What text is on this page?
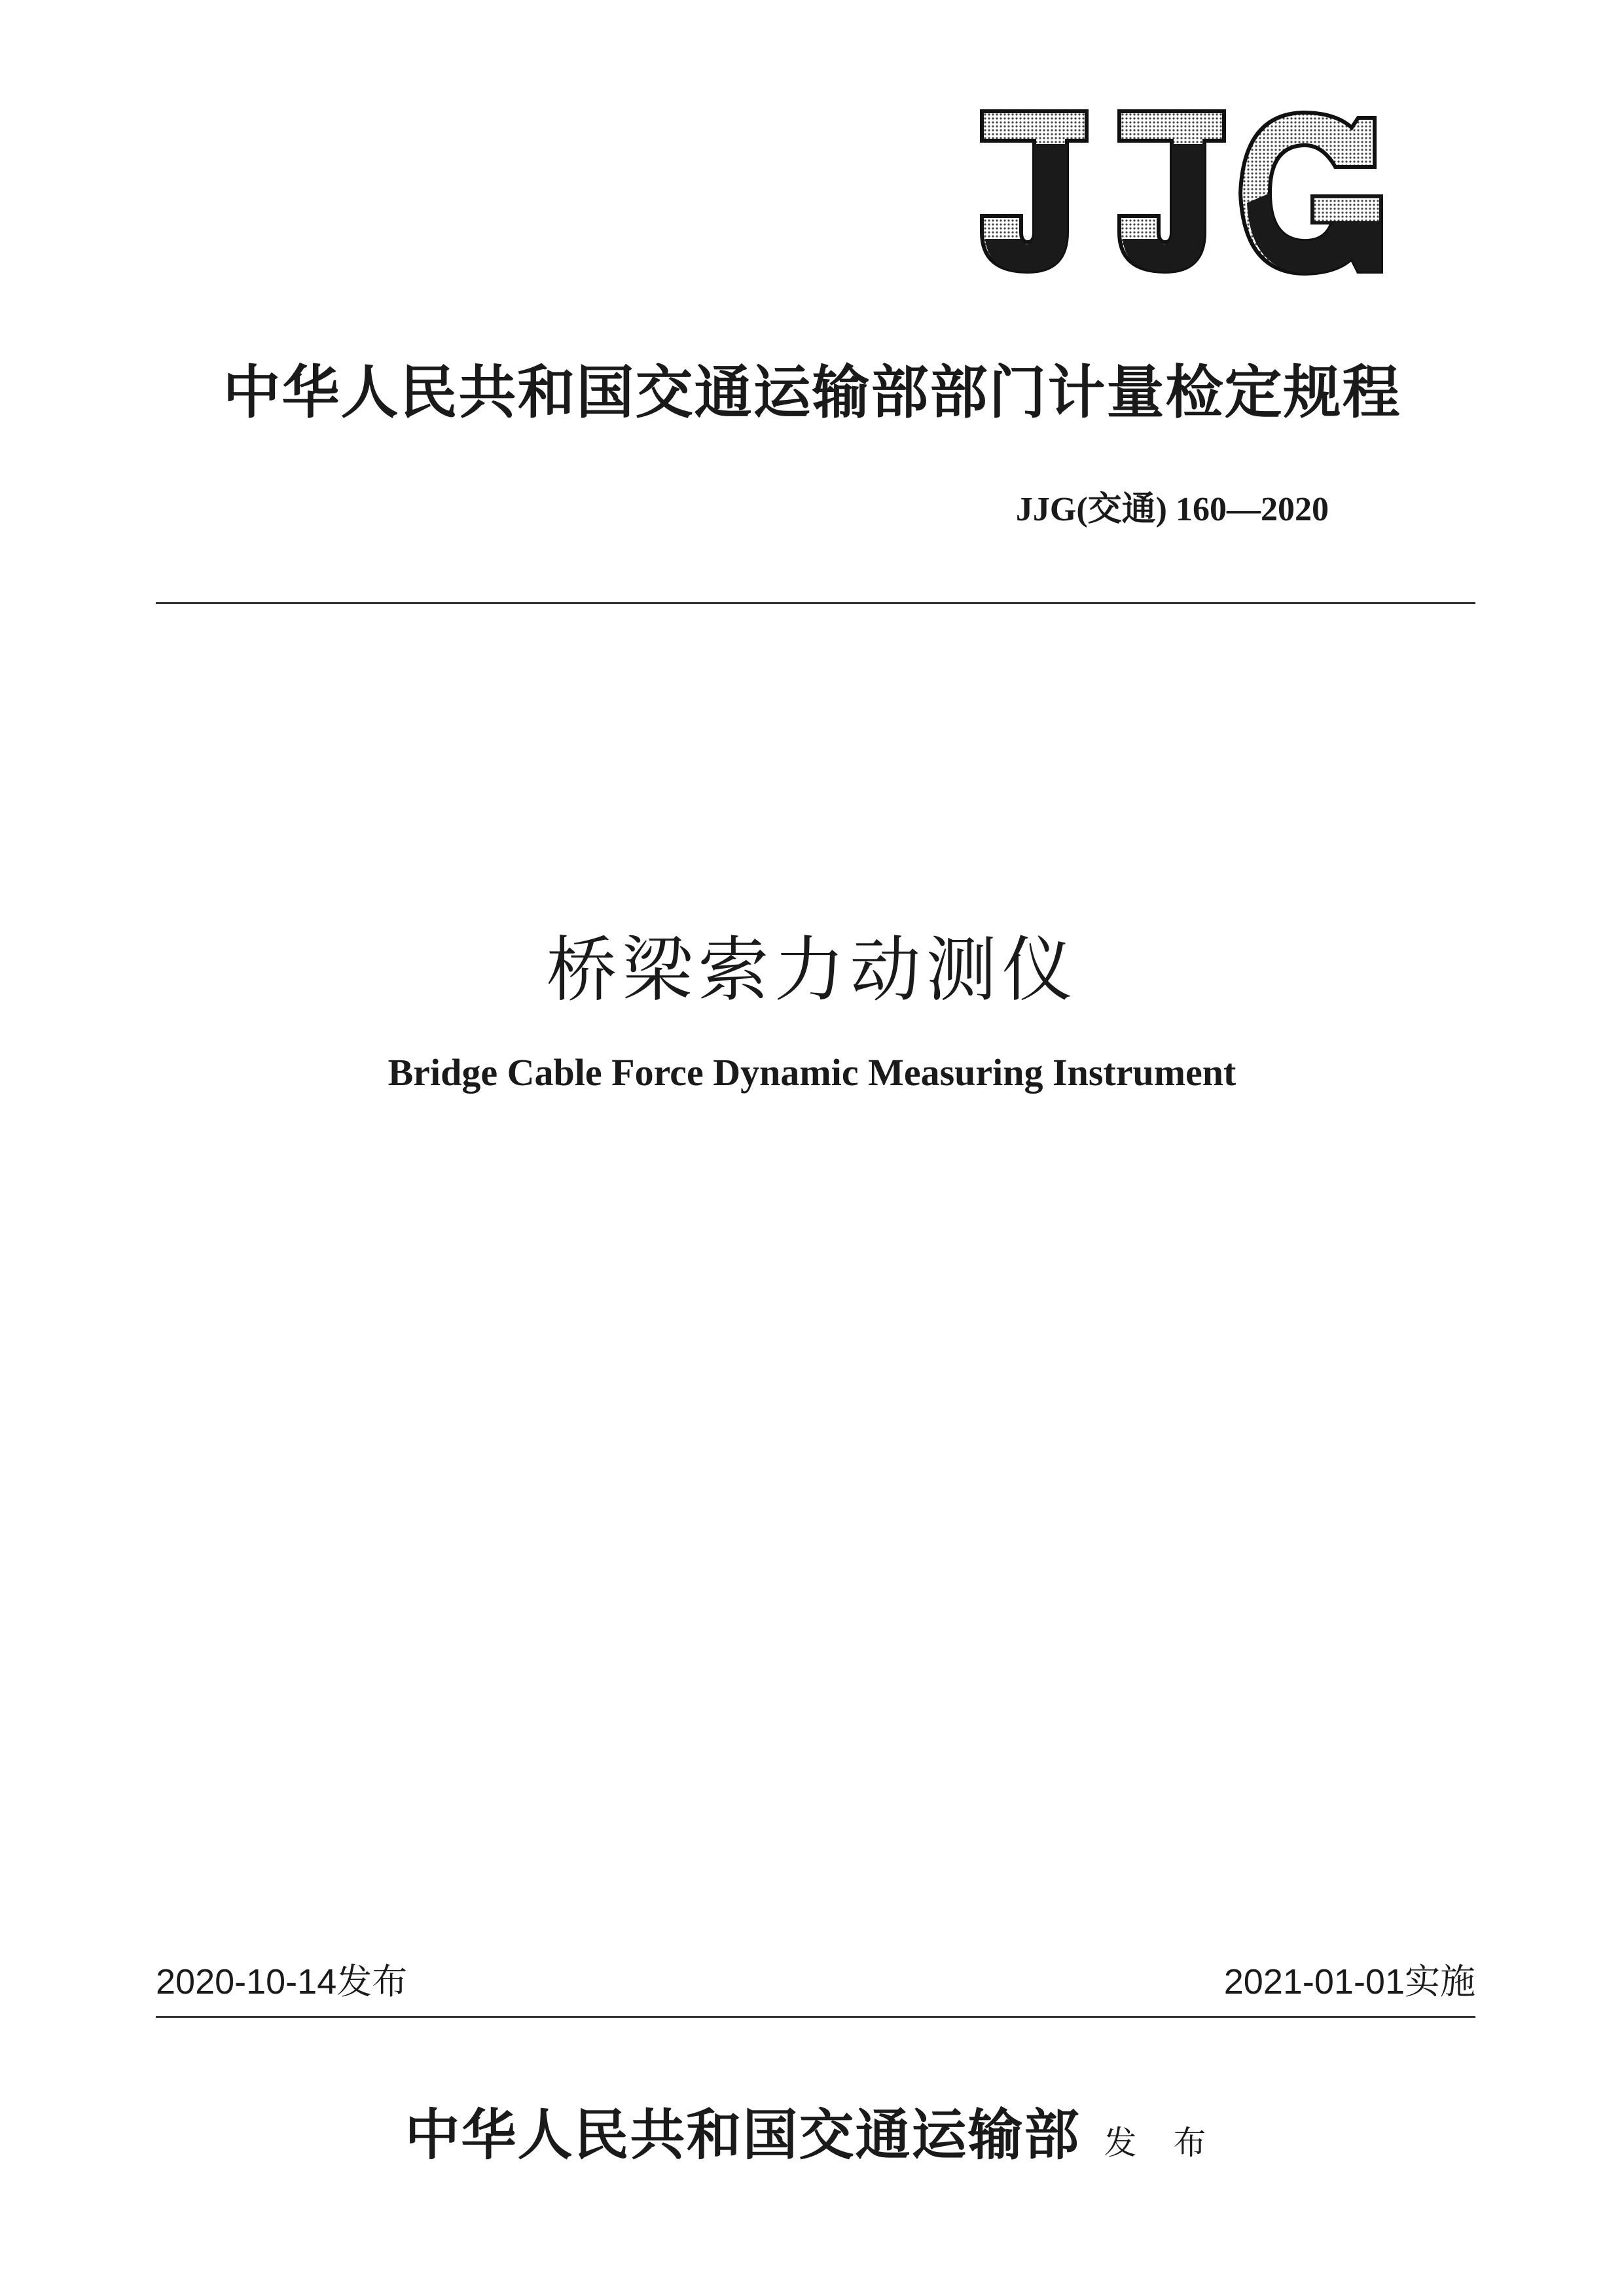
中华人民共和国交通运输部部门计量检定规程
JJG(交通) 160—2020
桥梁索力动测仪
Bridge Cable Force Dynamic Measuring Instrument
2020-10-14发布	2021-01-01实施
中华人民共和国交通运输部 发 布
